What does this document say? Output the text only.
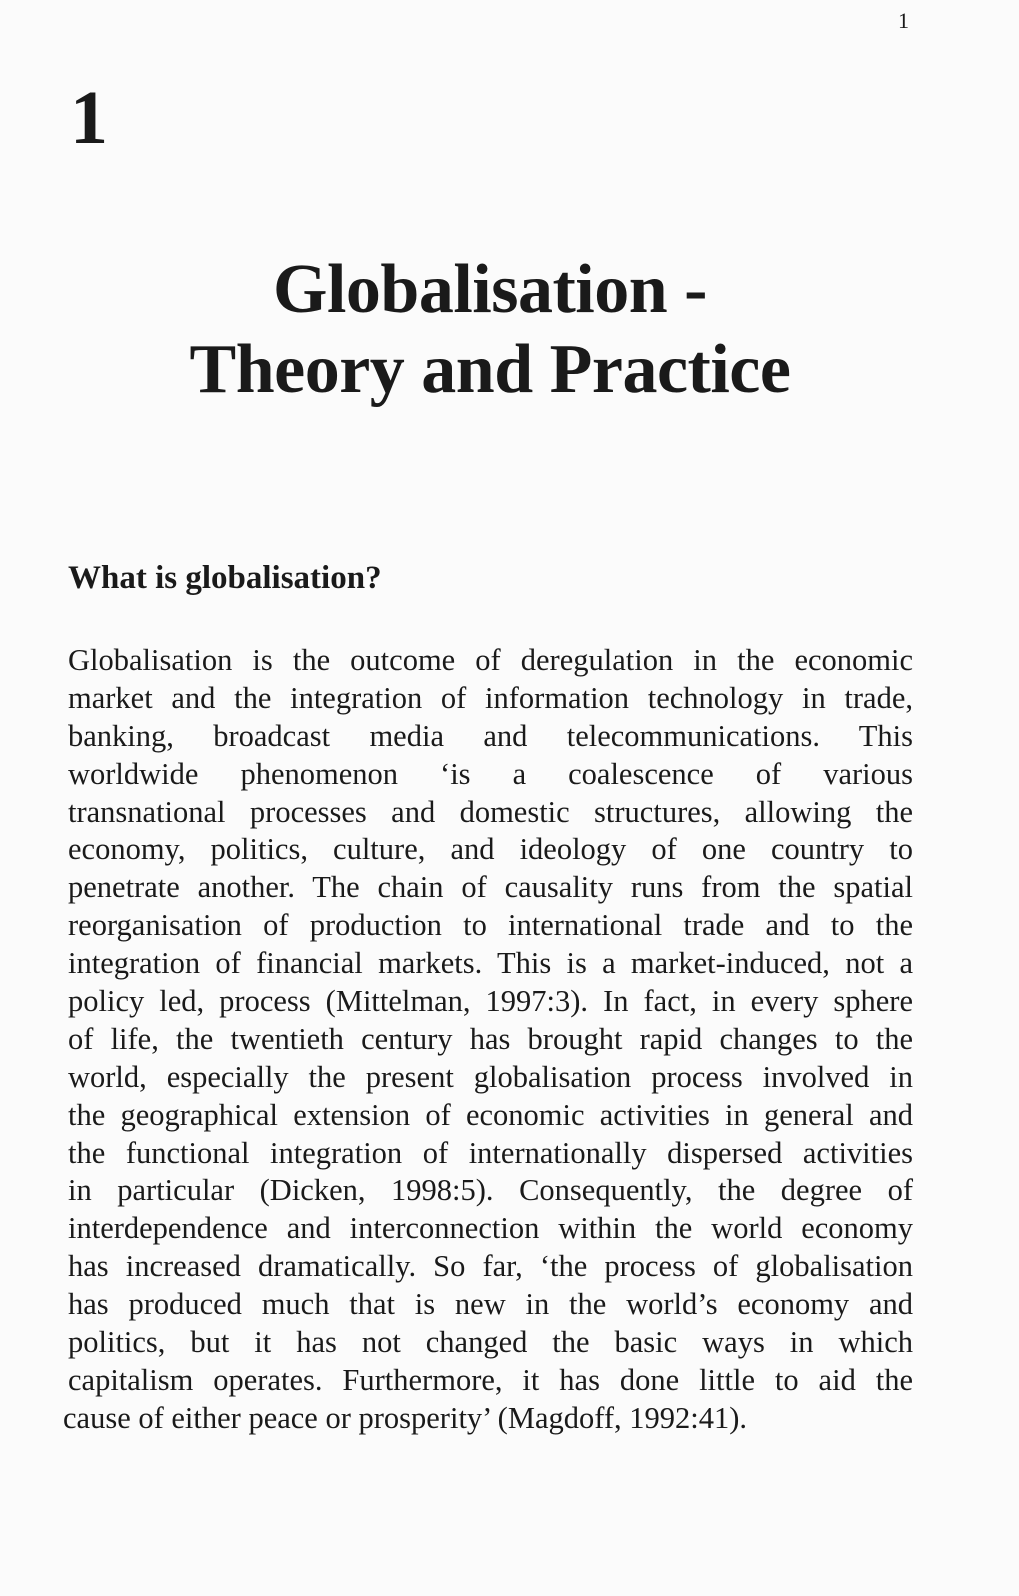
1
1
Globalisation -
Theory and Practice
What is globalisation?
Globalisation is the outcome of deregulation in the economic
market and the integration of information technology in trade,
banking, broadcast media and telecommunications. This
worldwide phenomenon ‘is a coalescence of various
transnational processes and domestic structures, allowing the
economy, politics, culture, and ideology of one country to
penetrate another. The chain of causality runs from the spatial
reorganisation of production to international trade and to the
integration of financial markets. This is a market-induced, not a
policy led, process (Mittelman, 1997:3). In fact, in every sphere
of life, the twentieth century has brought rapid changes to the
world, especially the present globalisation process involved in
the geographical extension of economic activities in general and
the functional integration of internationally dispersed activities
in particular (Dicken, 1998:5). Consequently, the degree of
interdependence and interconnection within the world economy
has increased dramatically. So far, ‘the process of globalisation
has produced much that is new in the world’s economy and
politics, but it has not changed the basic ways in which
capitalism operates. Furthermore, it has done little to aid the
cause of either peace or prosperity’ (Magdoff, 1992:41).
